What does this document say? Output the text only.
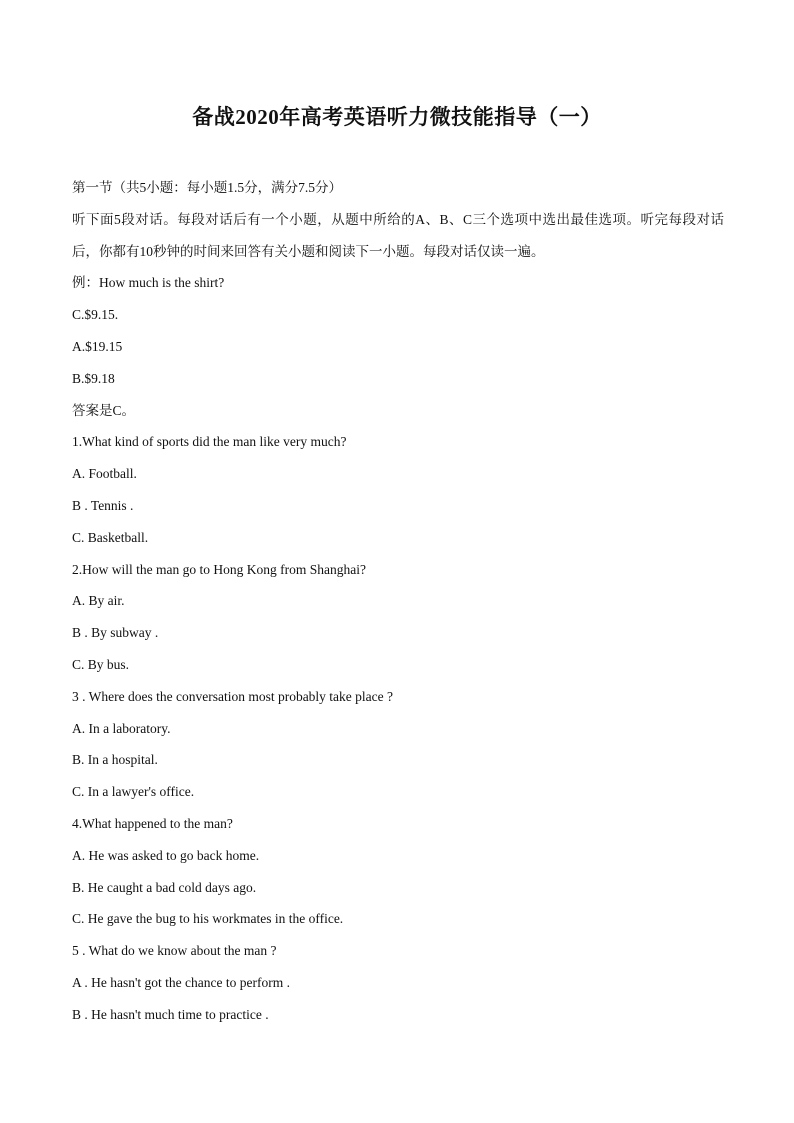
备战2020年高考英语听力微技能指导（一）
第一节（共5小题：每小题1.5分，满分7.5分）
听下面5段对话。每段对话后有一个小题，从题中所给的A、B、C三个选项中选出最佳选项。听完每段对话后，你都有10秒钟的时间来回答有关小题和阅读下一小题。每段对话仅读一遍。
例：How much is the shirt?
C.$9.15.
A.$19.15
B.$9.18
答案是C。
1.What kind of sports did the man like very much?
A. Football.
B . Tennis .
C. Basketball.
2.How will the man go to Hong Kong from Shanghai?
A. By air.
B . By subway .
C. By bus.
3 . Where does the conversation most probably take place ?
A. In a laboratory.
B. In a hospital.
C. In a lawyer's office.
4.What happened to the man?
A. He was asked to go back home.
B. He caught a bad cold days ago.
C. He gave the bug to his workmates in the office.
5 . What do we know about the man ?
A . He hasn't got the chance to perform .
B . He hasn't much time to practice .
